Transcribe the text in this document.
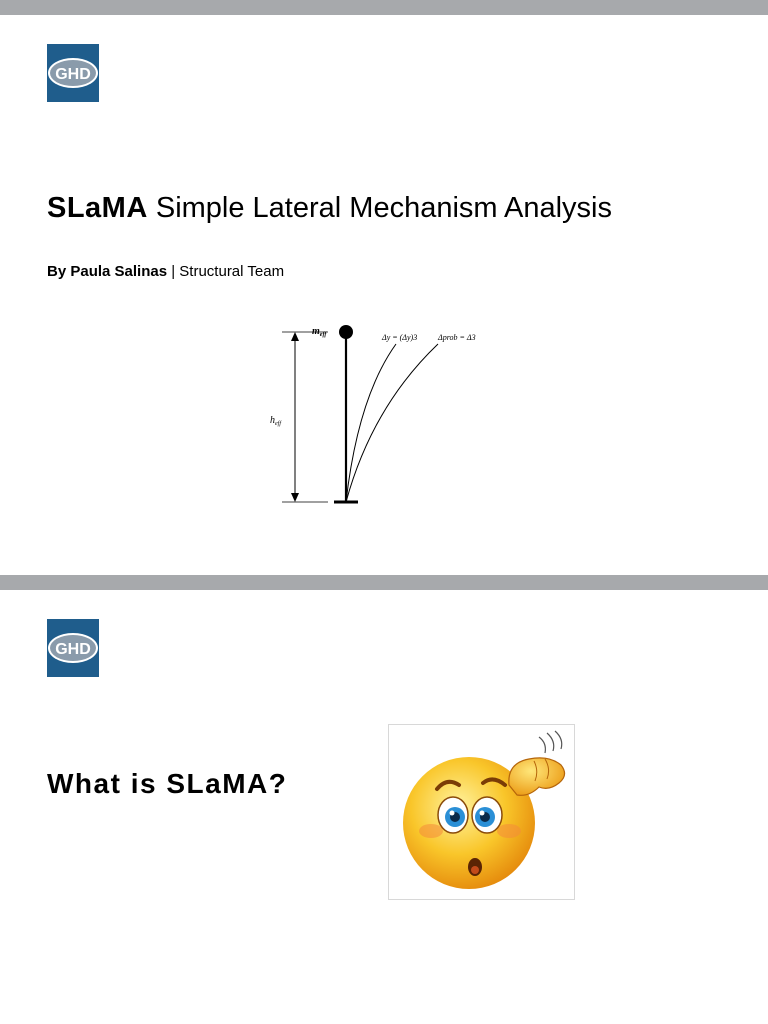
GHD
SLaMA Simple Lateral Mechanism Analysis
By Paula Salinas | Structural Team
$h_{eff}$
$m_{eff}$	Δy = (Δy)3	Δprob = Δ3
GHD
What is SLaMA?
